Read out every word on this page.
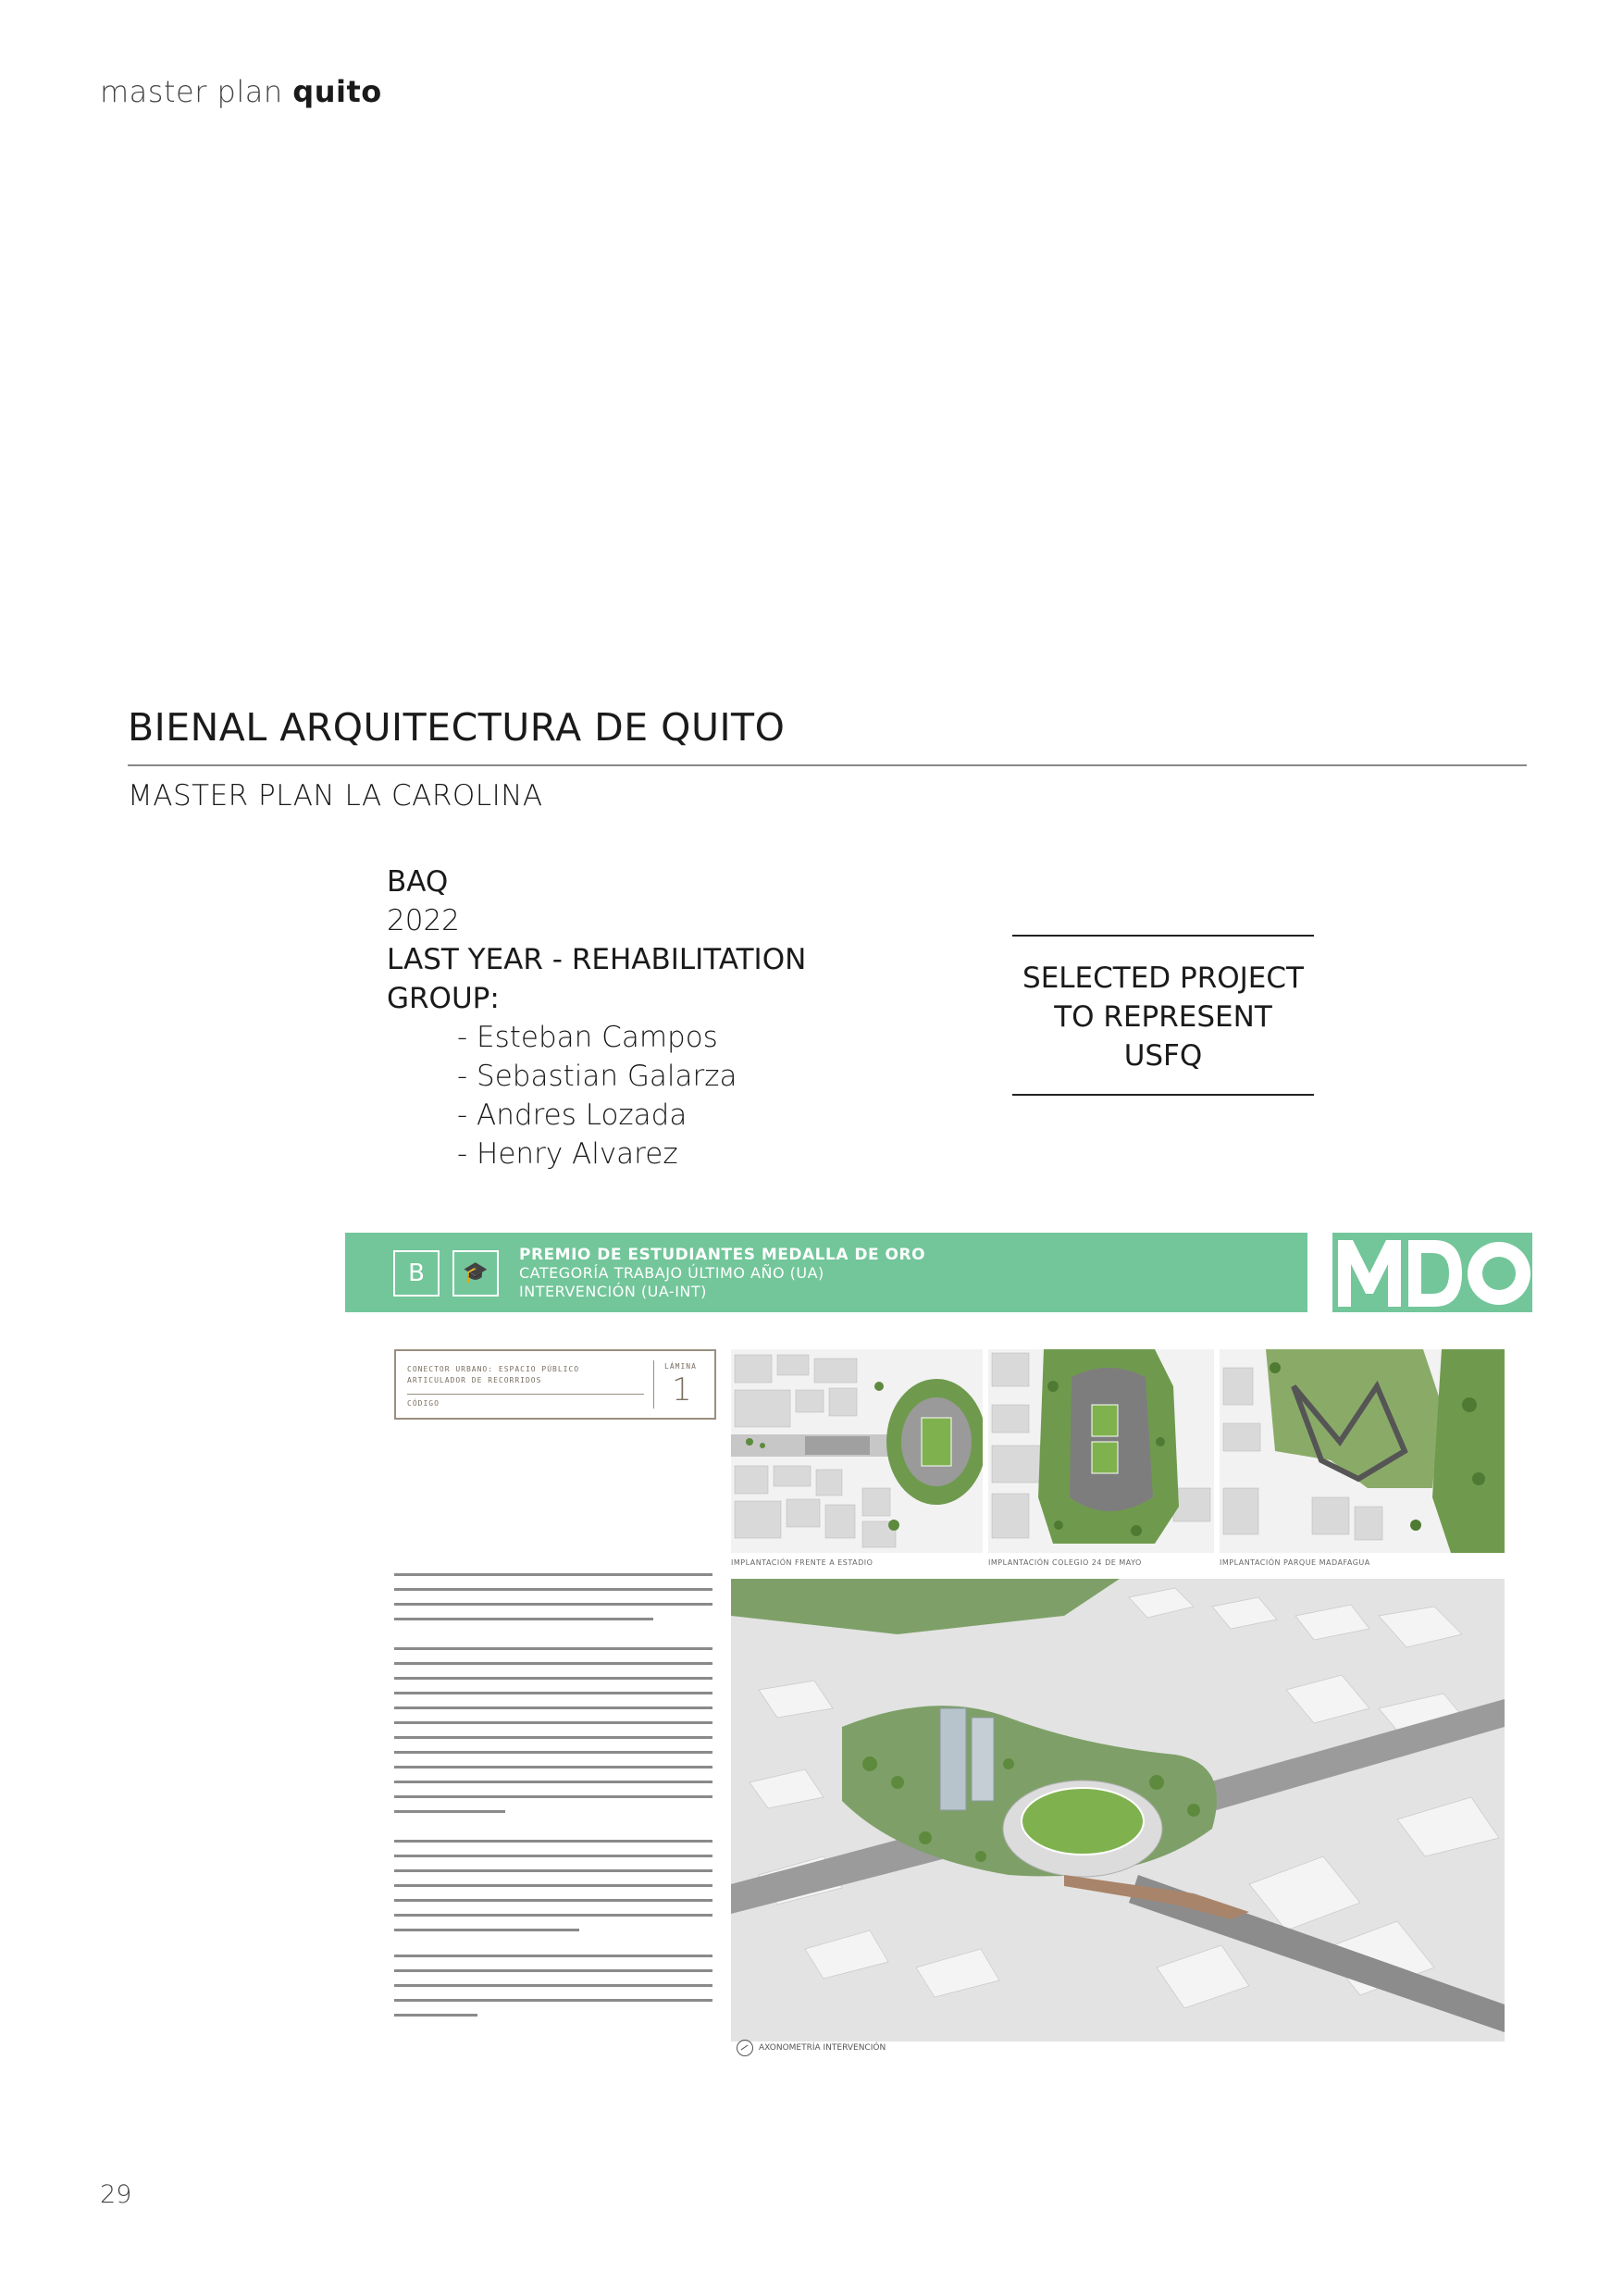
master plan quito
BIENAL ARQUITECTURA DE QUITO
MASTER PLAN LA CAROLINA

BAQ

2022

LAST YEAR - REHABILITATION

GROUP:

- Esteban Campos
- Sebastian Galarza
- Andres Lozada
- Henry Alvarez
SELECTED PROJECT
TO REPRESENT
USFQ
B	🎓
PREMIO DE ESTUDIANTES MEDALLA DE ORO
CATEGORÍA TRABAJO ÚLTIMO AÑO (UA)
INTERVENCIÓN (UA-INT)
CONECTOR URBANO: ESPACIO PÚBLICO ARTICULADOR DE RECORRIDOS
CÓDIGO
LÁMINA
1
IMPLANTACIÓN FRENTE A ESTADIO	IMPLANTACIÓN COLEGIO 24 DE MAYO	IMPLANTACIÓN PARQUE MADAFAGUA
AXONOMETRÍA INTERVENCIÓN
29
